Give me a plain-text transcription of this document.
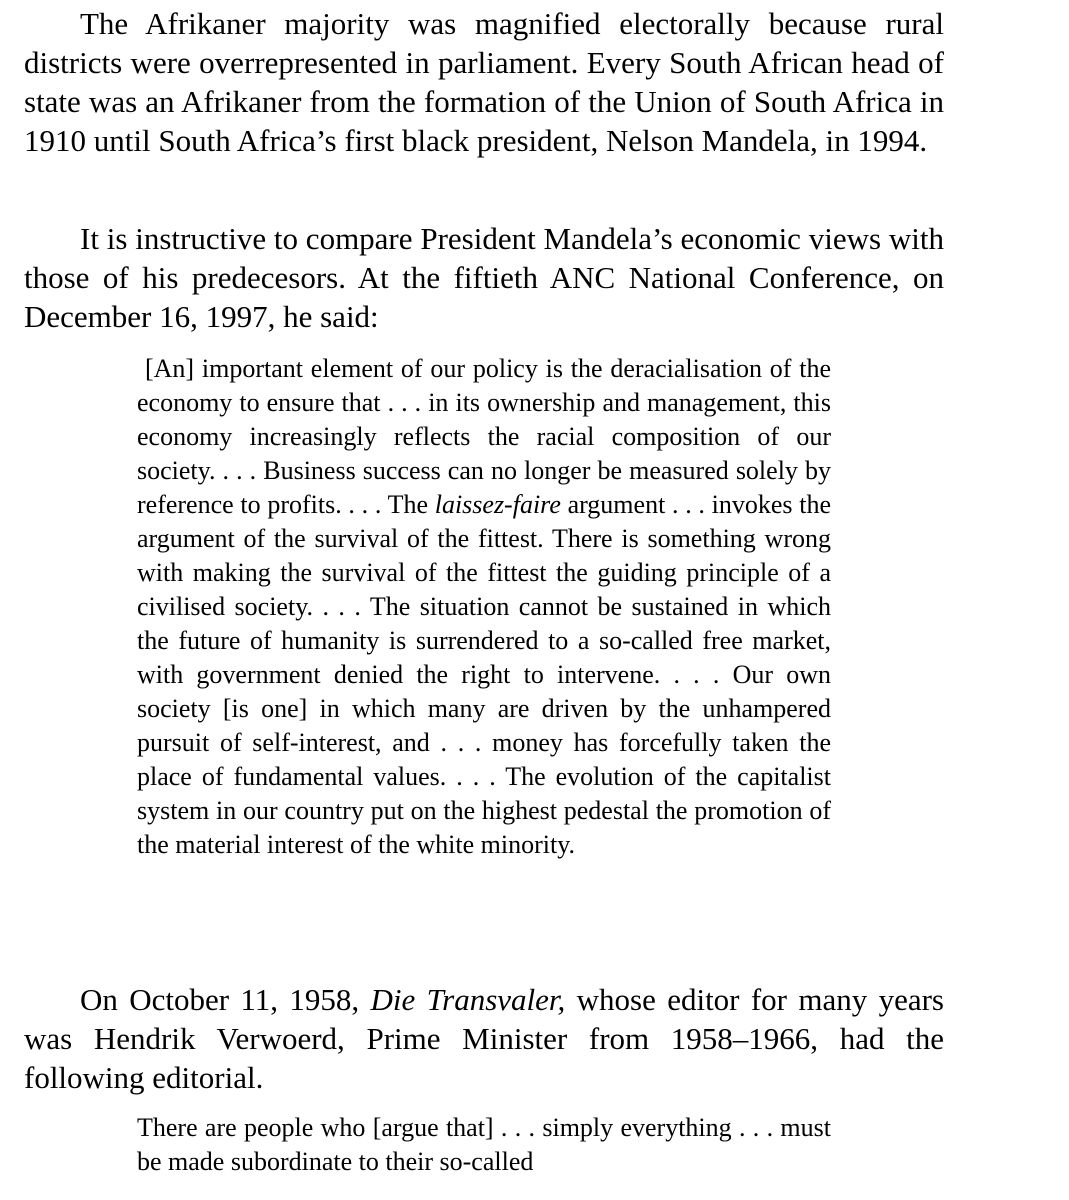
The Afrikaner majority was magnified electorally because rural districts were overrepresented in parliament. Every South African head of state was an Afrikaner from the formation of the Union of South Africa in 1910 until South Africa’s first black president, Nelson Mandela, in 1994.

It is instructive to compare President Mandela’s economic views with those of his predecesors. At the fiftieth ANC National Conference, on December 16, 1997, he said:

[An] important element of our policy is the deracialisation of the economy to ensure that . . . in its ownership and management, this economy increasingly reflects the racial composition of our society. . . . Business success can no longer be measured solely by reference to profits. . . . The laissez-faire argument . . . invokes the argument of the survival of the fittest. There is something wrong with making the survival of the fittest the guiding principle of a civilised society. . . . The situation cannot be sustained in which the future of humanity is surrendered to a so-called free market, with government denied the right to intervene. . . . Our own society [is one] in which many are driven by the unhampered pursuit of self-interest, and . . . money has forcefully taken the place of fundamental values. . . . The evolution of the capitalist system in our country put on the highest pedestal the promotion of the material interest of the white minority.

On October 11, 1958, Die Transvaler, whose editor for many years was Hendrik Verwoerd, Prime Minister from 1958–1966, had the following editorial.

There are people who [argue that] . . . simply everything . . . must be made subordinate to their so-called
